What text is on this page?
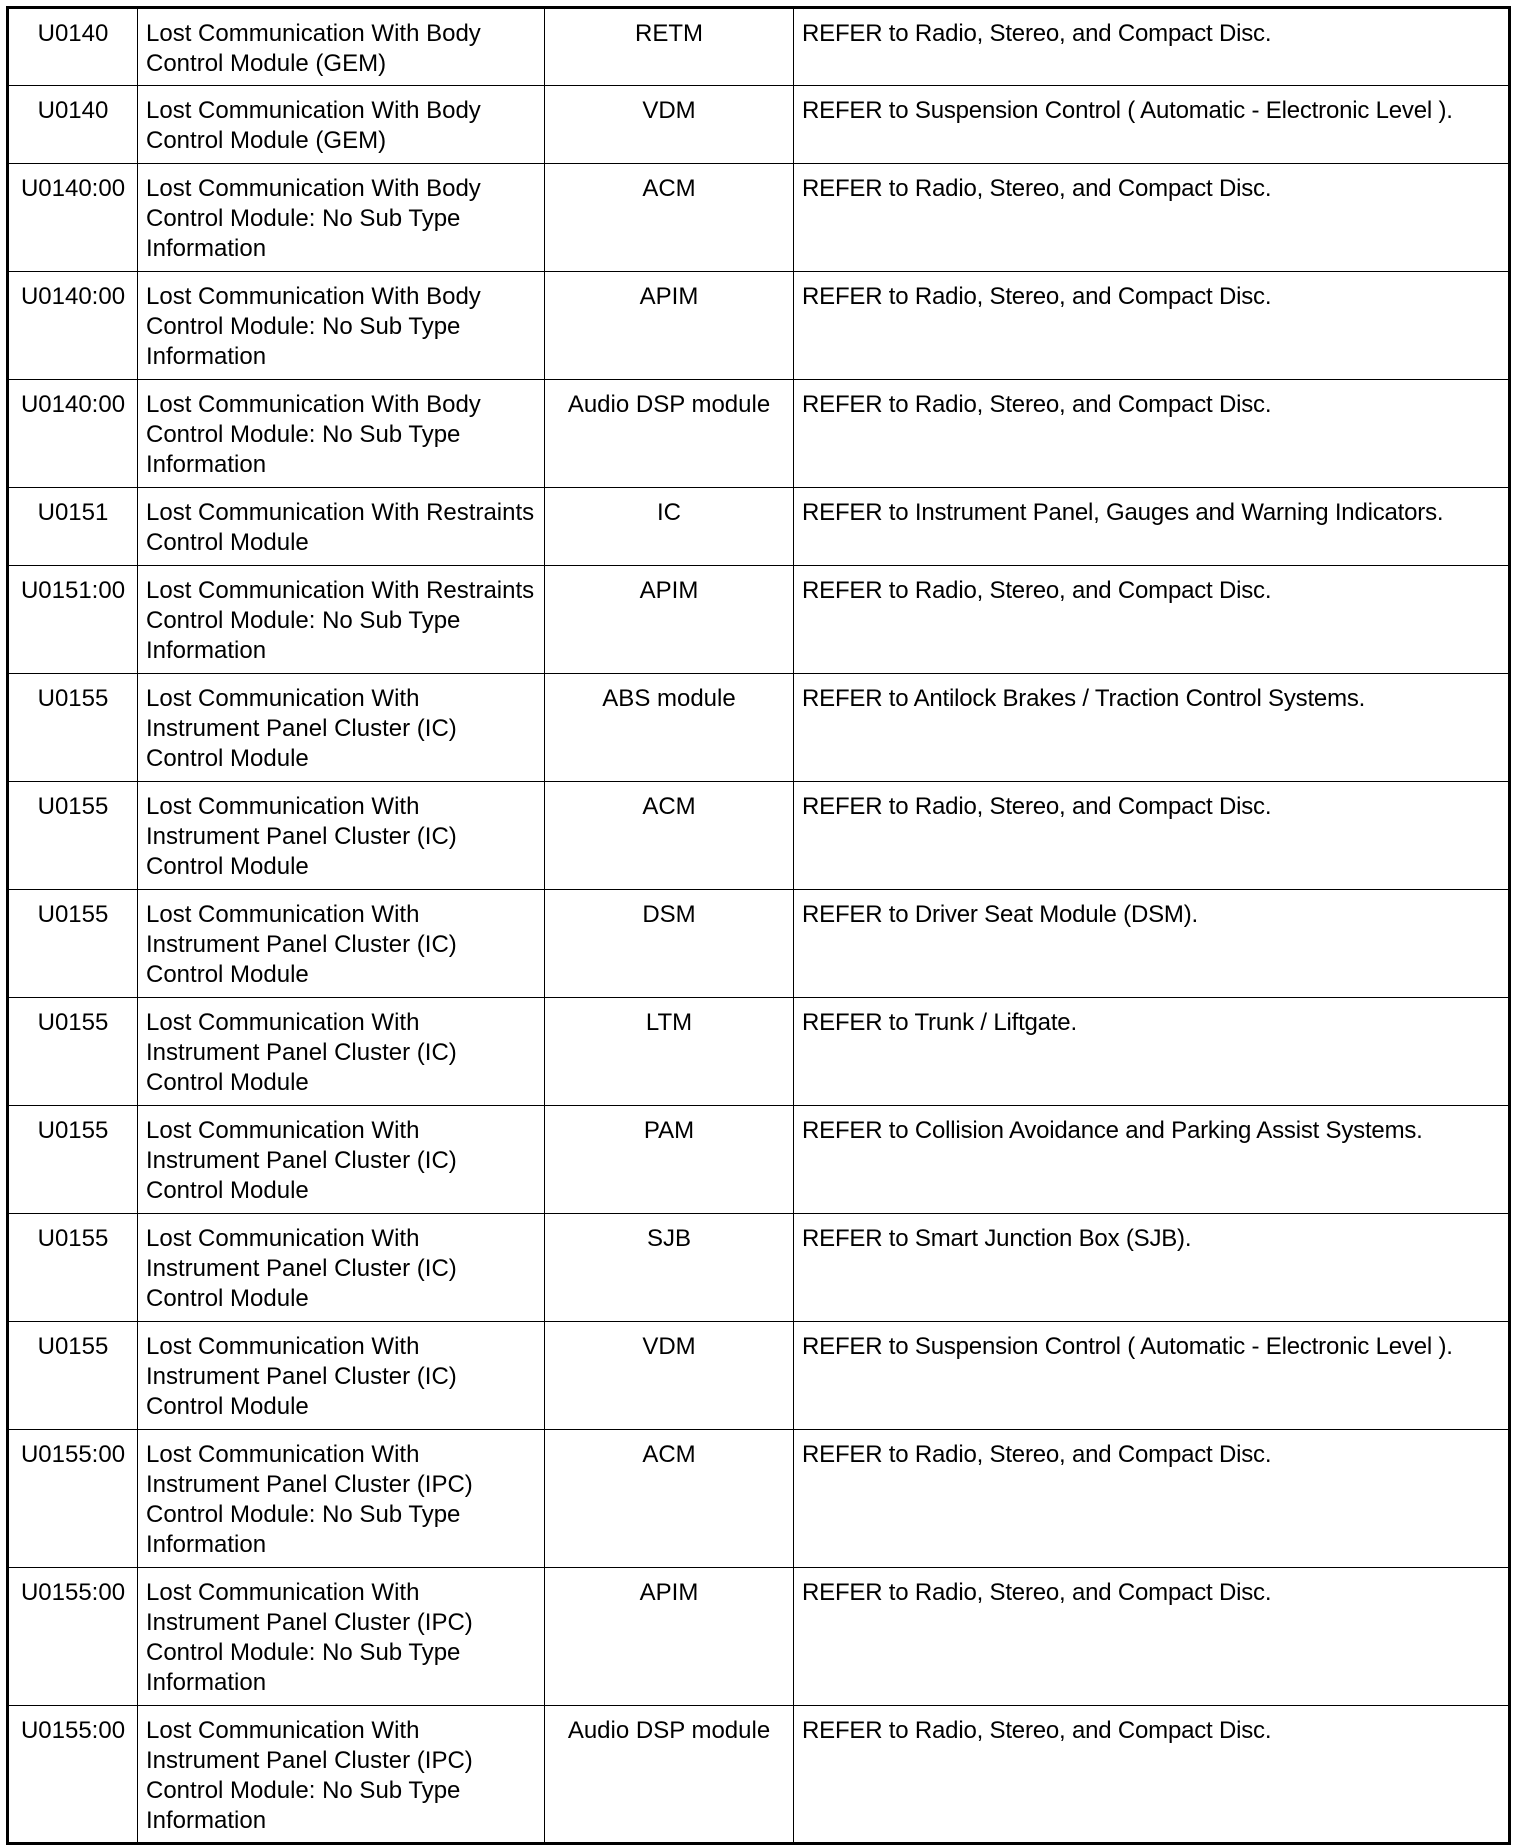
U0140	Lost Communication With Body Control Module (GEM)	RETM	REFER to Radio, Stereo, and Compact Disc.
U0140	Lost Communication With Body Control Module (GEM)	VDM	REFER to Suspension Control ( Automatic - Electronic Level ).
U0140:00	Lost Communication With Body Control Module: No Sub Type Information	ACM	REFER to Radio, Stereo, and Compact Disc.
U0140:00	Lost Communication With Body Control Module: No Sub Type Information	APIM	REFER to Radio, Stereo, and Compact Disc.
U0140:00	Lost Communication With Body Control Module: No Sub Type Information	Audio DSP module	REFER to Radio, Stereo, and Compact Disc.
U0151	Lost Communication With Restraints Control Module	IC	REFER to Instrument Panel, Gauges and Warning Indicators.
U0151:00	Lost Communication With Restraints Control Module: No Sub Type Information	APIM	REFER to Radio, Stereo, and Compact Disc.
U0155	Lost Communication With Instrument Panel Cluster (IC) Control Module	ABS module	REFER to Antilock Brakes / Traction Control Systems.
U0155	Lost Communication With Instrument Panel Cluster (IC) Control Module	ACM	REFER to Radio, Stereo, and Compact Disc.
U0155	Lost Communication With Instrument Panel Cluster (IC) Control Module	DSM	REFER to Driver Seat Module (DSM).
U0155	Lost Communication With Instrument Panel Cluster (IC) Control Module	LTM	REFER to Trunk / Liftgate.
U0155	Lost Communication With Instrument Panel Cluster (IC) Control Module	PAM	REFER to Collision Avoidance and Parking Assist Systems.
U0155	Lost Communication With Instrument Panel Cluster (IC) Control Module	SJB	REFER to Smart Junction Box (SJB).
U0155	Lost Communication With Instrument Panel Cluster (IC) Control Module	VDM	REFER to Suspension Control ( Automatic - Electronic Level ).
U0155:00	Lost Communication With Instrument Panel Cluster (IPC) Control Module: No Sub Type Information	ACM	REFER to Radio, Stereo, and Compact Disc.
U0155:00	Lost Communication With Instrument Panel Cluster (IPC) Control Module: No Sub Type Information	APIM	REFER to Radio, Stereo, and Compact Disc.
U0155:00	Lost Communication With Instrument Panel Cluster (IPC) Control Module: No Sub Type Information	Audio DSP module	REFER to Radio, Stereo, and Compact Disc.
